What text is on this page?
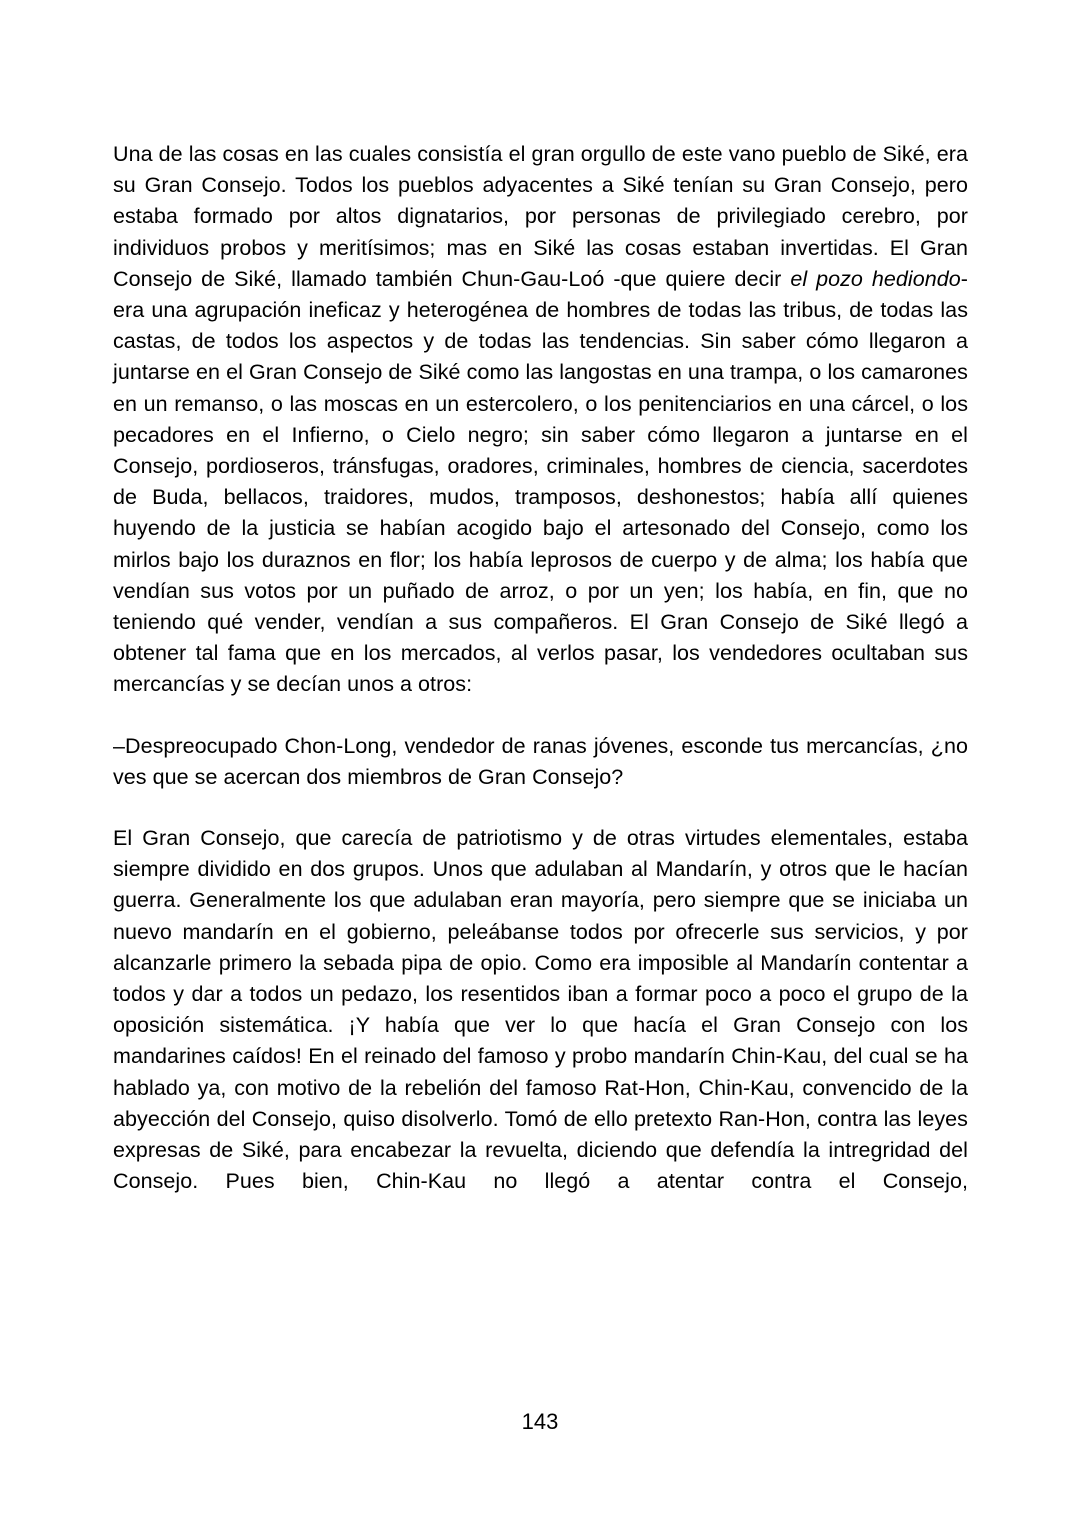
Una de las cosas en las cuales consistía el gran orgullo de este vano pueblo de Siké, era su Gran Consejo. Todos los pueblos adyacentes a Siké tenían su Gran Consejo, pero estaba formado por altos dignatarios, por personas de privilegiado cerebro, por individuos probos y meritísimos; mas en Siké las cosas estaban invertidas. El Gran Consejo de Siké, llamado también Chun-Gau-Loó -que quiere decir el pozo hediondo- era una agrupación ineficaz y heterogénea de hombres de todas las tribus, de todas las castas, de todos los aspectos y de todas las tendencias. Sin saber cómo llegaron a juntarse en el Gran Consejo de Siké como las langostas en una trampa, o los camarones en un remanso, o las moscas en un estercolero, o los penitenciarios en una cárcel, o los pecadores en el Infierno, o Cielo negro; sin saber cómo llegaron a juntarse en el Consejo, pordioseros, tránsfugas, oradores, criminales, hombres de ciencia, sacerdotes de Buda, bellacos, traidores, mudos, tramposos, deshonestos; había allí quienes huyendo de la justicia se habían acogido bajo el artesonado del Consejo, como los mirlos bajo los duraznos en flor; los había leprosos de cuerpo y de alma; los había que vendían sus votos por un puñado de arroz, o por un yen; los había, en fin, que no teniendo qué vender, vendían a sus compañeros. El Gran Consejo de Siké llegó a obtener tal fama que en los mercados, al verlos pasar, los vendedores ocultaban sus mercancías y se decían unos a otros:

–Despreocupado Chon-Long, vendedor de ranas jóvenes, esconde tus mercancías, ¿no ves que se acercan dos miembros de Gran Consejo?

El Gran Consejo, que carecía de patriotismo y de otras virtudes elementales, estaba siempre dividido en dos grupos. Unos que adulaban al Mandarín, y otros que le hacían guerra. Generalmente los que adulaban eran mayoría, pero siempre que se iniciaba un nuevo mandarín en el gobierno, peleábanse todos por ofrecerle sus servicios, y por alcanzarle primero la sebada pipa de opio. Como era imposible al Mandarín contentar a todos y dar a todos un pedazo, los resentidos iban a formar poco a poco el grupo de la oposición sistemática. ¡Y había que ver lo que hacía el Gran Consejo con los mandarines caídos! En el reinado del famoso y probo mandarín Chin-Kau, del cual se ha hablado ya, con motivo de la rebelión del famoso Rat-Hon, Chin-Kau, convencido de la abyección del Consejo, quiso disolverlo. Tomó de ello pretexto Ran-Hon, contra las leyes expresas de Siké, para encabezar la revuelta, diciendo que defendía la intregridad del Consejo. Pues bien, Chin-Kau no llegó a atentar contra el Consejo,

143
